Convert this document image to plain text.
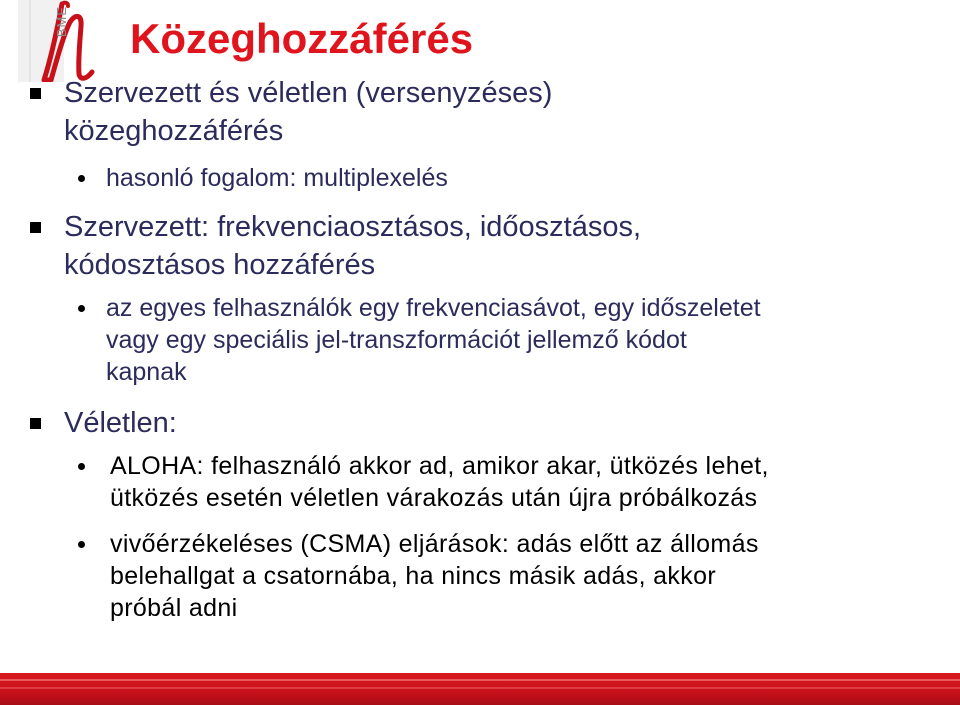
BME Közeghozzáférés
Szervezett és véletlen (versenyzéses)
közeghozzáférés
hasonló fogalom: multiplexelés
Szervezett: frekvenciaosztásos, időosztásos,
kódosztásos hozzáférés
az egyes felhasználók egy frekvenciasávot, egy időszeletet
vagy egy speciális jel-transzformációt jellemző kódot
kapnak
Véletlen:
ALOHA: felhasználó akkor ad, amikor akar, ütközés lehet,
ütközés esetén véletlen várakozás után újra próbálkozás
vivőérzékeléses (CSMA) eljárások: adás előtt az állomás
belehallgat a csatornába, ha nincs másik adás, akkor
próbál adni
